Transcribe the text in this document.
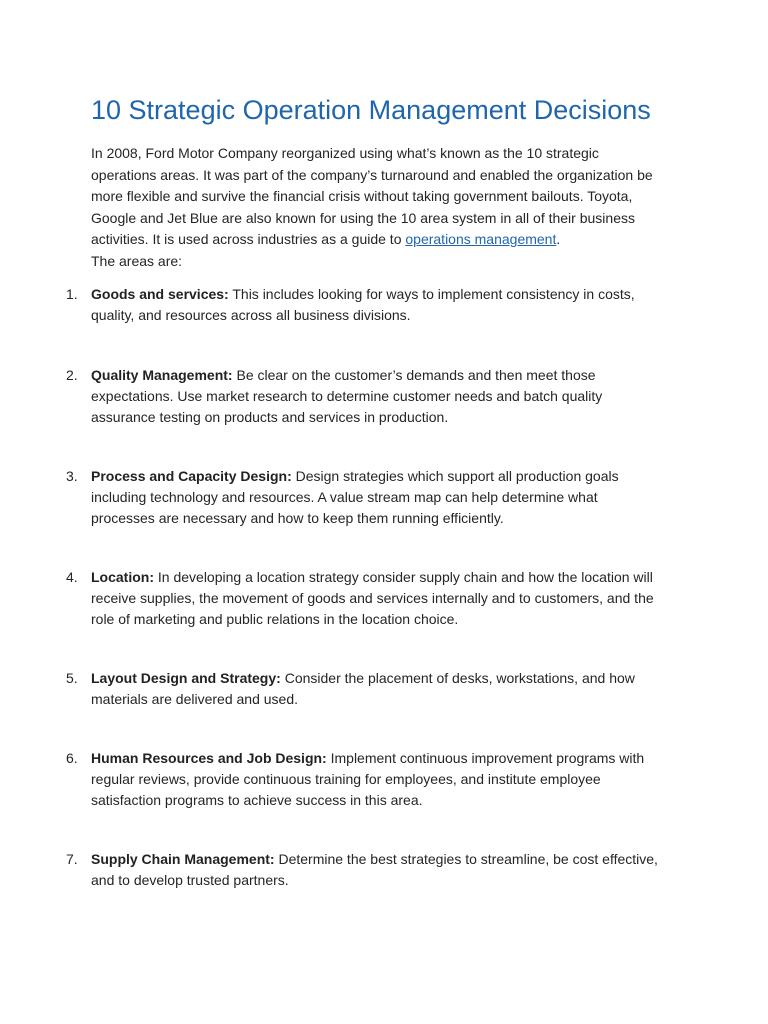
10 Strategic Operation Management Decisions

In 2008, Ford Motor Company reorganized using what’s known as the 10 strategic
operations areas. It was part of the company’s turnaround and enabled the organization be
more flexible and survive the financial crisis without taking government bailouts. Toyota,
Google and Jet Blue are also known for using the 10 area system in all of their business
activities. It is used across industries as a guide to operations management.
The areas are:

1. Goods and services: This includes looking for ways to implement consistency in costs,
quality, and resources across all business divisions.
2. Quality Management: Be clear on the customer’s demands and then meet those
expectations. Use market research to determine customer needs and batch quality
assurance testing on products and services in production.
3. Process and Capacity Design: Design strategies which support all production goals
including technology and resources. A value stream map can help determine what
processes are necessary and how to keep them running efficiently.
4. Location: In developing a location strategy consider supply chain and how the location will
receive supplies, the movement of goods and services internally and to customers, and the
role of marketing and public relations in the location choice.
5. Layout Design and Strategy: Consider the placement of desks, workstations, and how
materials are delivered and used.
6. Human Resources and Job Design: Implement continuous improvement programs with
regular reviews, provide continuous training for employees, and institute employee
satisfaction programs to achieve success in this area.
7. Supply Chain Management: Determine the best strategies to streamline, be cost effective,
and to develop trusted partners.
